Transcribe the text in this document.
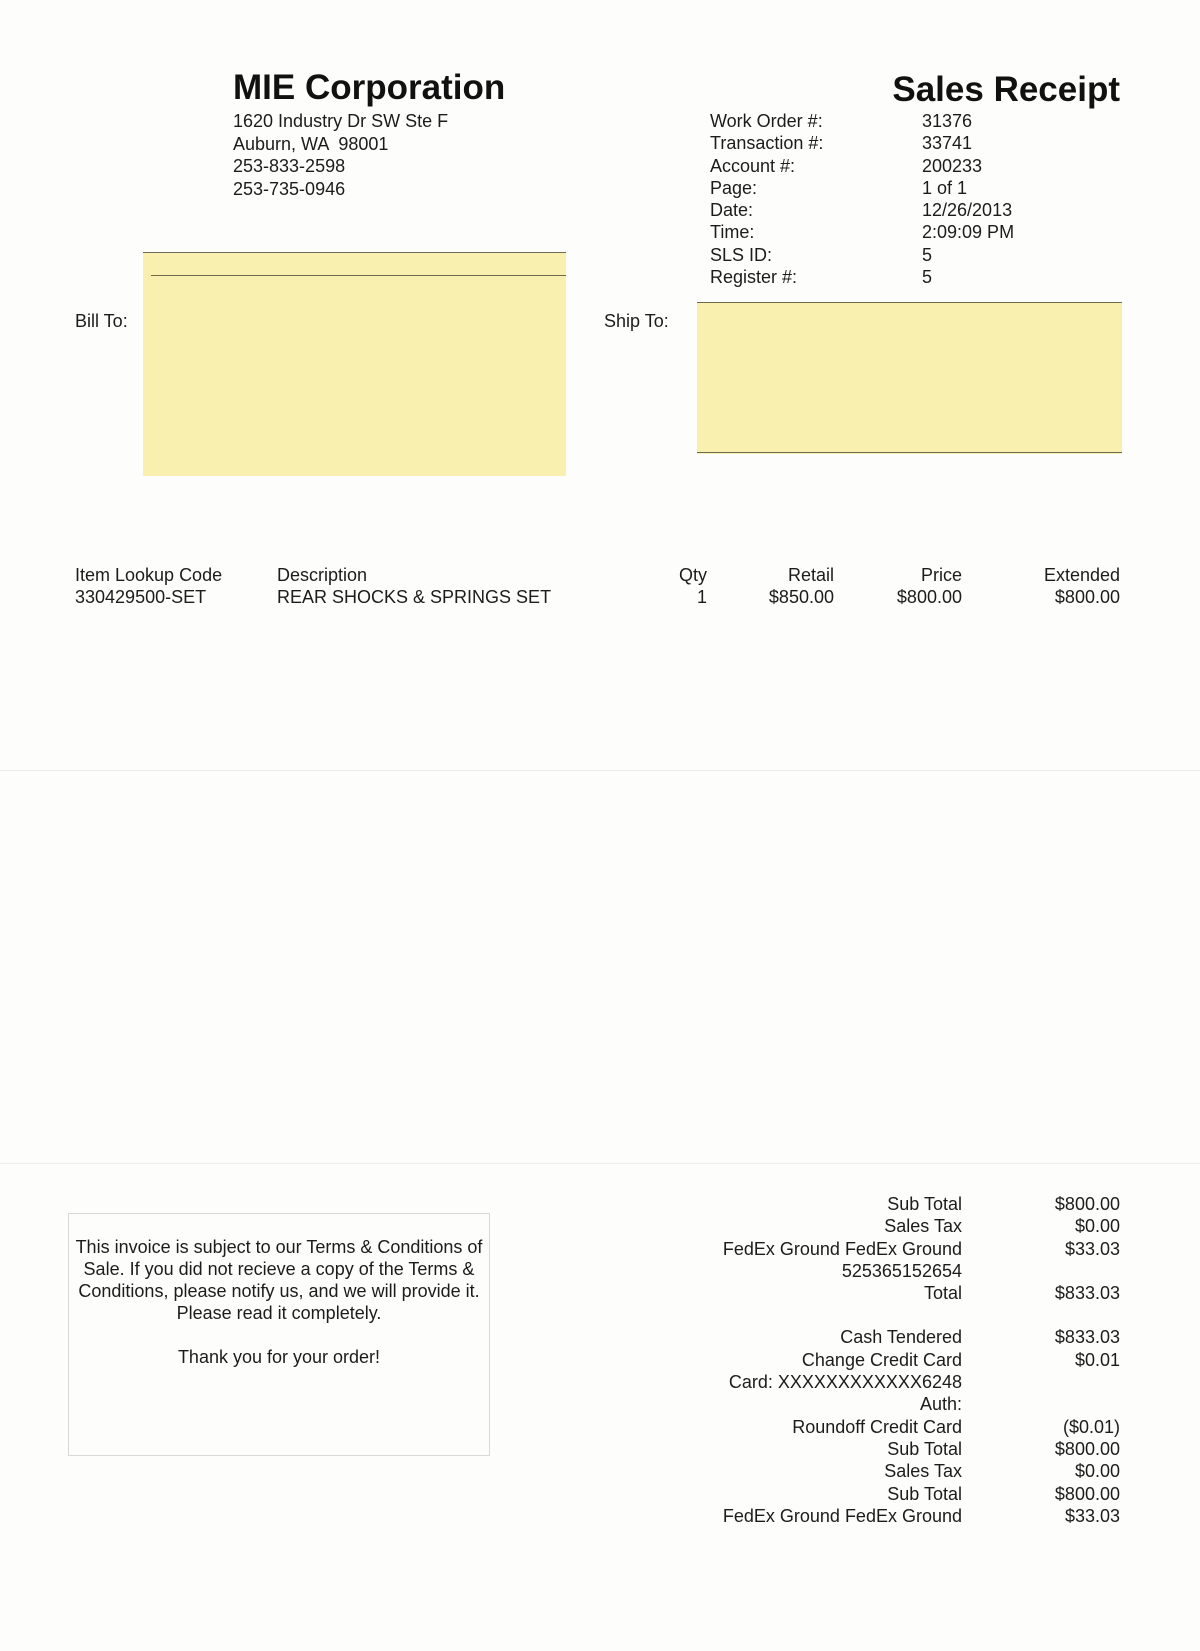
MIE Corporation	Sales Receipt
1620 Industry Dr SW Ste F
Auburn, WA  98001
253-833-2598
253-735-0946
Work Order #:	31376
Transaction #:	33741
Account #:	200233
Page:	1 of 1
Date:	12/26/2013
Time:	2:09:09 PM
SLS ID:	5
Register #:	5
Bill To:	Ship To:
Item Lookup Code	Description	Qty	Retail	Price	Extended
330429500-SET	REAR SHOCKS & SPRINGS SET	1	$850.00	$800.00	$800.00

This invoice is subject to our Terms & Conditions of Sale. If you did not recieve a copy of the Terms & Conditions, please notify us, and we will provide it. Please read it completely.

Thank you for your order!

Sub Total	$800.00
Sales Tax	$0.00
FedEx Ground FedEx Ground	$33.03
525365152654
Total	$833.03
Cash Tendered	$833.03
Change Credit Card	$0.01
Card: XXXXXXXXXXXX6248
Auth:
Roundoff Credit Card	($0.01)
Sub Total	$800.00
Sales Tax	$0.00
Sub Total	$800.00
FedEx Ground FedEx Ground	$33.03
